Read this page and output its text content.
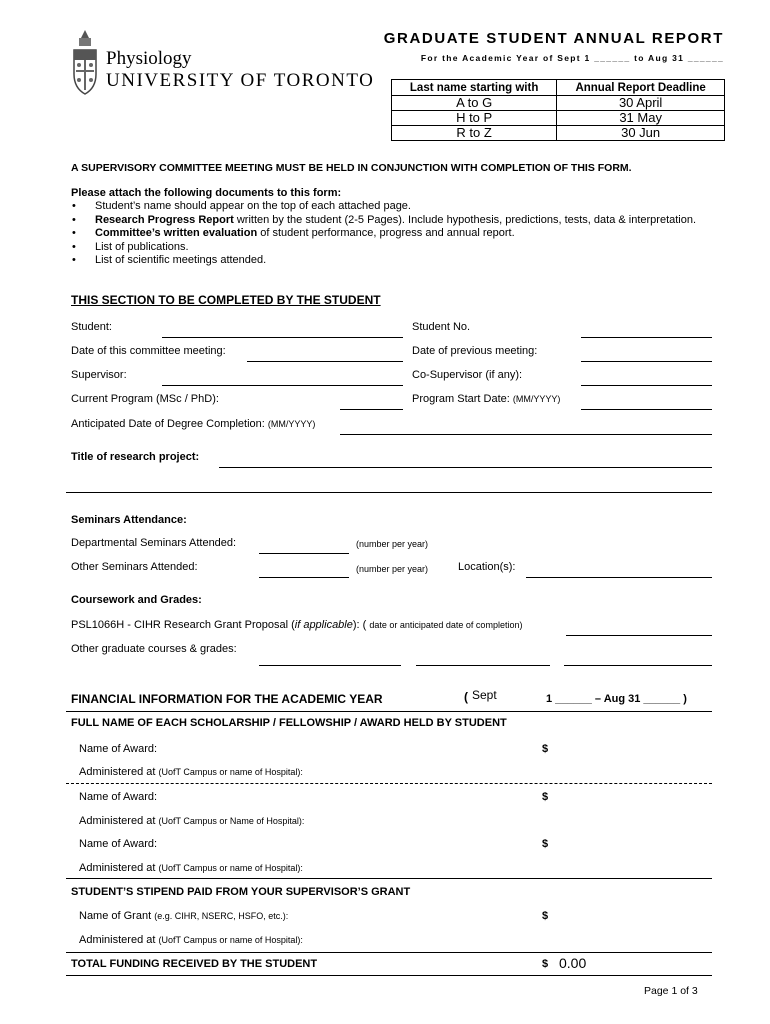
Physiology
UNIVERSITY OF TORONTO
GRADUATE STUDENT ANNUAL REPORT
For the Academic Year of Sept 1 ______ to Aug 31 ______
Last name starting with	Annual Report Deadline
A to G	30 April
H to P	31 May
R to Z	30 Jun
A SUPERVISORY COMMITTEE MEETING MUST BE HELD IN CONJUNCTION WITH COMPLETION OF THIS FORM.
Please attach the following documents to this form:
• Student’s name should appear on the top of each attached page.
• Research Progress Report written by the student (2-5 Pages). Include hypothesis, predictions, tests, data & interpretation.
• Committee’s written evaluation of student performance, progress and annual report.
• List of publications.
• List of scientific meetings attended.
THIS SECTION TO BE COMPLETED BY THE STUDENT
Student:	Student No.
Date of this committee meeting:	Date of previous meeting:
Supervisor:	Co-Supervisor (if any):
Current Program (MSc / PhD):	Program Start Date: (MM/YYYY)
Anticipated Date of Degree Completion: (MM/YYYY)
Title of research project:
Seminars Attendance:
Departmental Seminars Attended:	(number per year)
Other Seminars Attended:	(number per year)	Location(s):
Coursework and Grades:
PSL1066H - CIHR Research Grant Proposal (if applicable): ( date or anticipated date of completion)
Other graduate courses & grades:
FINANCIAL INFORMATION FOR THE ACADEMIC YEAR	( Sept	1 ______ – Aug 31 ______ )
FULL NAME OF EACH SCHOLARSHIP / FELLOWSHIP / AWARD HELD BY STUDENT
Name of Award:	$
Administered at (UofT Campus or name of Hospital):
Name of Award:	$
Administered at (UofT Campus or Name of Hospital):
Name of Award:	$
Administered at (UofT Campus or name of Hospital):
STUDENT’S STIPEND PAID FROM YOUR SUPERVISOR’S GRANT
Name of Grant (e.g. CIHR, NSERC, HSFO, etc.):	$
Administered at (UofT Campus or name of Hospital):
TOTAL FUNDING RECEIVED BY THE STUDENT	$ 0.00
Page 1 of 3
